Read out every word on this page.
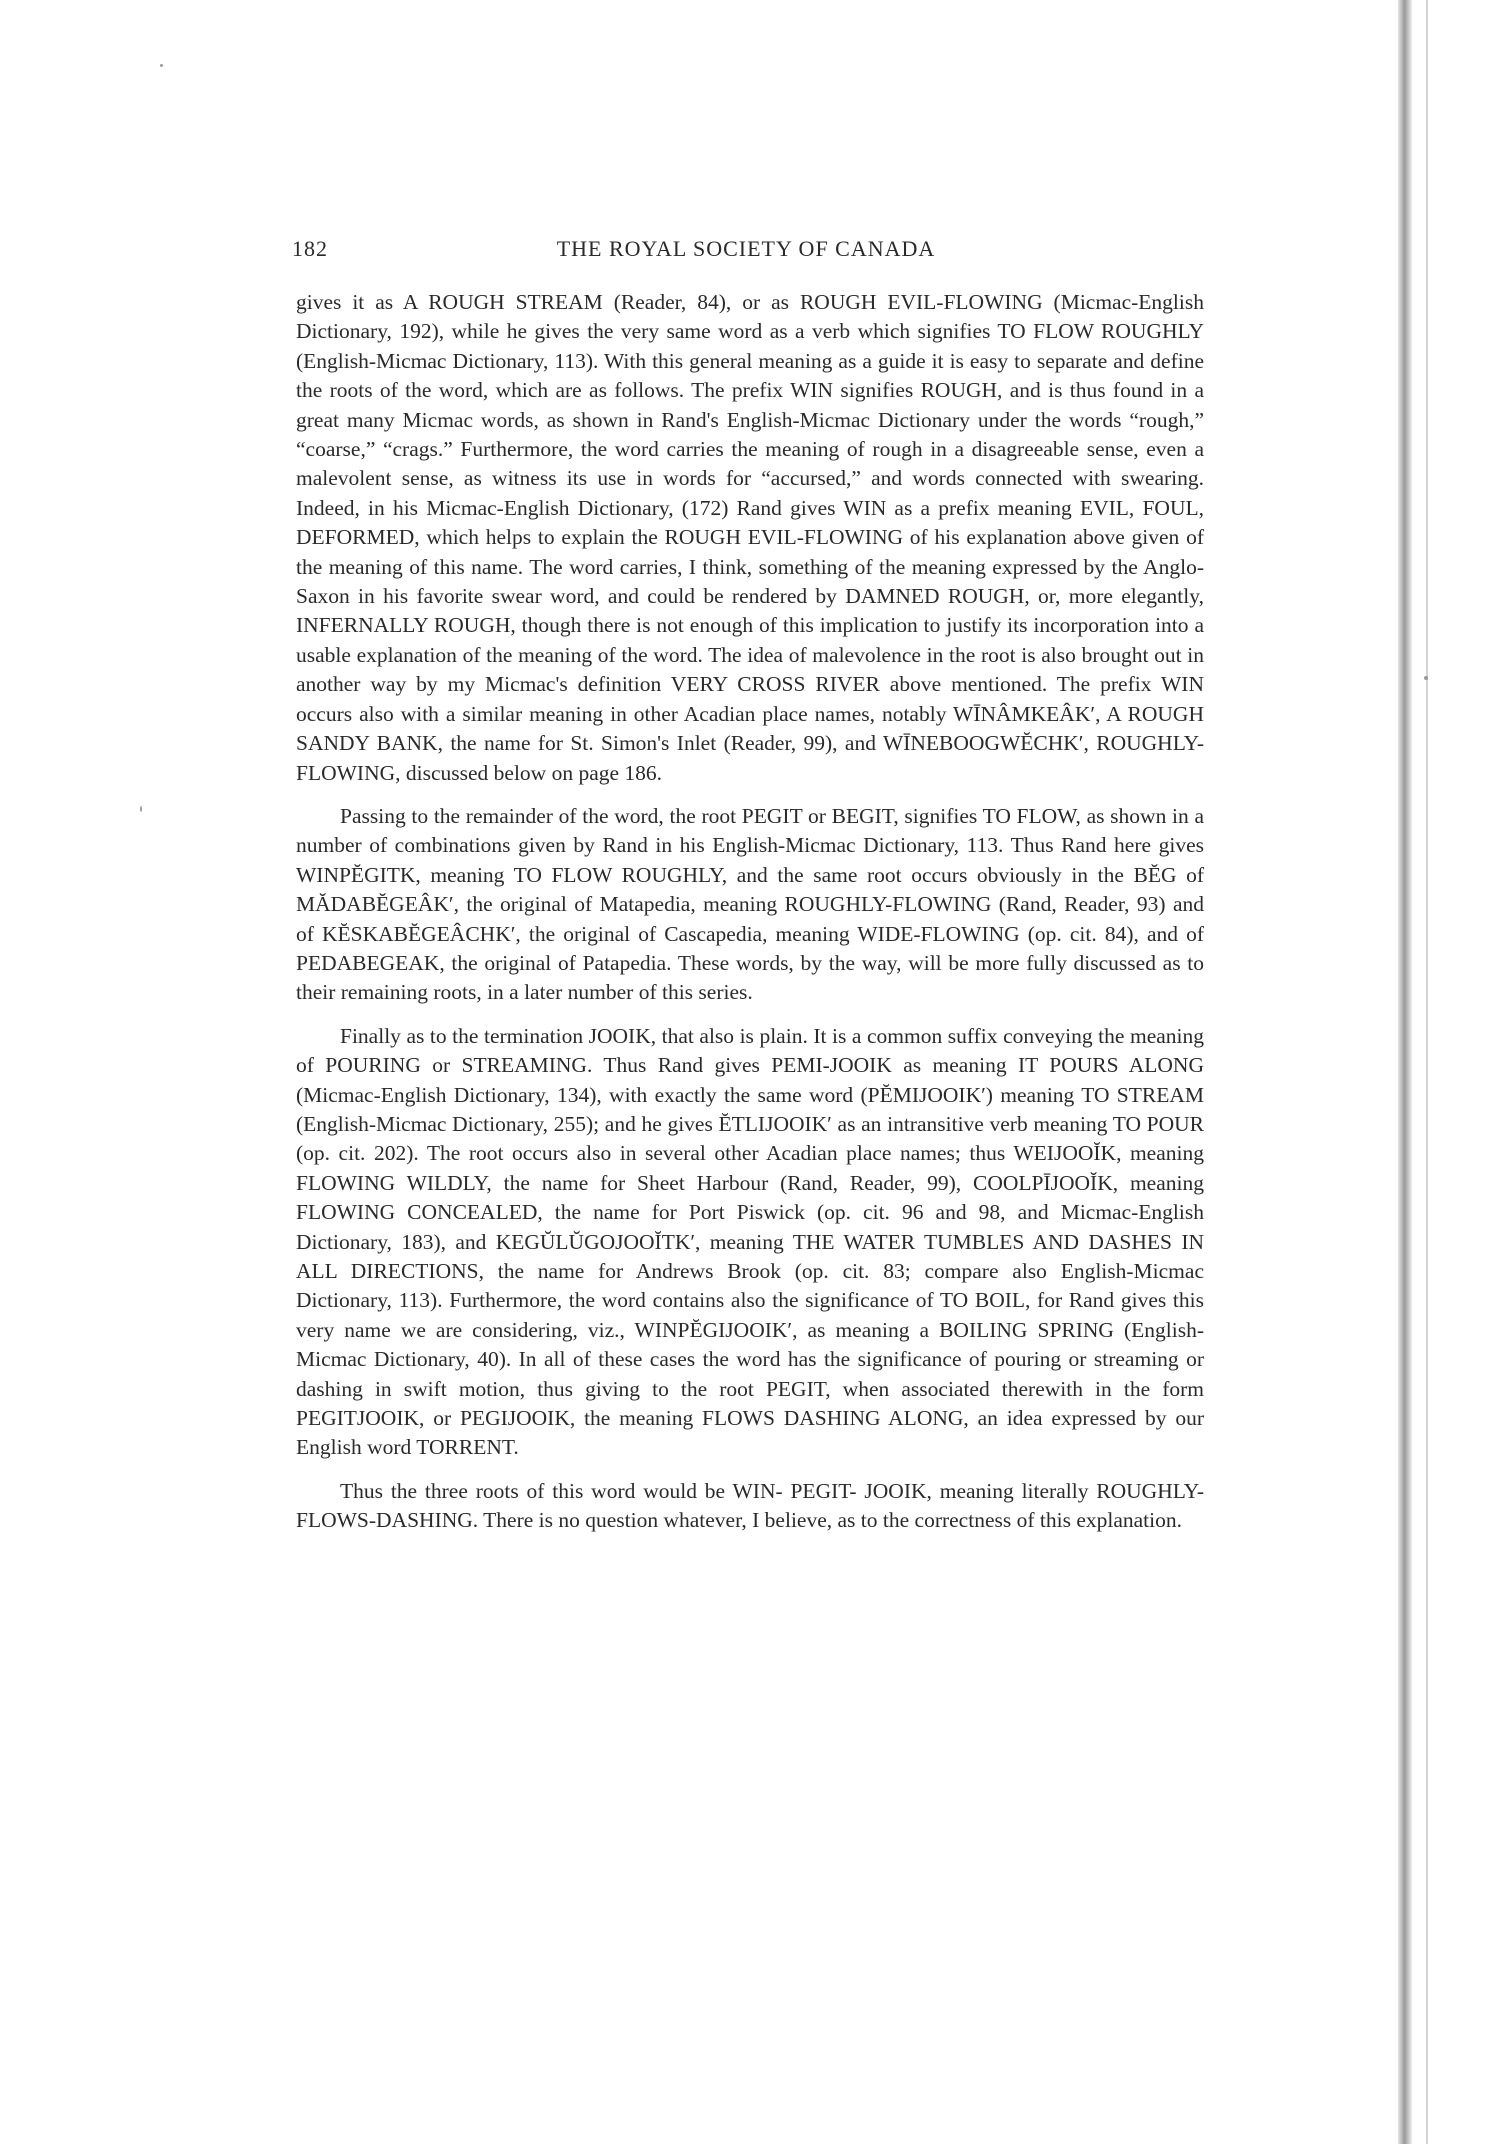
182	THE ROYAL SOCIETY OF CANADA

gives it as A ROUGH STREAM (Reader, 84), or as ROUGH EVIL-FLOWING (Micmac-English Dictionary, 192), while he gives the very same word as a verb which signifies TO FLOW ROUGHLY (English-Micmac Dictionary, 113). With this general meaning as a guide it is easy to separate and define the roots of the word, which are as follows. The prefix WIN signifies ROUGH, and is thus found in a great many Micmac words, as shown in Rand's English-Micmac Dictionary under the words “rough,” “coarse,” “crags.” Furthermore, the word carries the meaning of rough in a disagreeable sense, even a malevolent sense, as witness its use in words for “accursed,” and words connected with swearing. Indeed, in his Micmac-English Dictionary, (172) Rand gives WIN as a prefix meaning EVIL, FOUL, DEFORMED, which helps to explain the ROUGH EVIL-FLOWING of his explanation above given of the meaning of this name. The word carries, I think, something of the meaning expressed by the Anglo-Saxon in his favorite swear word, and could be rendered by DAMNED ROUGH, or, more elegantly, INFERNALLY ROUGH, though there is not enough of this implication to justify its incorporation into a usable explanation of the meaning of the word. The idea of malevolence in the root is also brought out in another way by my Micmac's definition VERY CROSS RIVER above mentioned. The prefix WIN occurs also with a similar meaning in other Acadian place names, notably WĪNÂMKEÂK′, A ROUGH SANDY BANK, the name for St. Simon's Inlet (Reader, 99), and WĪNEBOOGWĔCHK′, ROUGHLY-FLOWING, discussed below on page 186.

Passing to the remainder of the word, the root PEGIT or BEGIT, signifies TO FLOW, as shown in a number of combinations given by Rand in his English-Micmac Dictionary, 113. Thus Rand here gives WINPĔGITK, meaning TO FLOW ROUGHLY, and the same root occurs obviously in the BĔG of MĂDABĔGEÂK′, the original of Matapedia, meaning ROUGHLY-FLOWING (Rand, Reader, 93) and of KĔSKABĔGEÂCHK′, the original of Cascapedia, meaning WIDE-FLOWING (op. cit. 84), and of PEDABEGEAK, the original of Patapedia. These words, by the way, will be more fully discussed as to their remaining roots, in a later number of this series.

Finally as to the termination JOOIK, that also is plain. It is a common suffix conveying the meaning of POURING or STREAMING. Thus Rand gives PEMI-JOOIK as meaning IT POURS ALONG (Micmac-English Dictionary, 134), with exactly the same word (PĔMIJOOIK′) meaning TO STREAM (English-Micmac Dictionary, 255); and he gives ĔTLIJOOIK′ as an intransitive verb meaning TO POUR (op. cit. 202). The root occurs also in several other Acadian place names; thus WEIJOOĬK, meaning FLOWING WILDLY, the name for Sheet Harbour (Rand, Reader, 99), COOLPĪJOOĬK, meaning FLOWING CONCEALED, the name for Port Piswick (op. cit. 96 and 98, and Micmac-English Dictionary, 183), and KEGŬLŬGOJOOĬTK′, meaning THE WATER TUMBLES AND DASHES IN ALL DIRECTIONS, the name for Andrews Brook (op. cit. 83; compare also English-Micmac Dictionary, 113). Furthermore, the word contains also the significance of TO BOIL, for Rand gives this very name we are considering, viz., WINPĔGIJOOIK′, as meaning a BOILING SPRING (English-Micmac Dictionary, 40). In all of these cases the word has the significance of pouring or streaming or dashing in swift motion, thus giving to the root PEGIT, when associated therewith in the form PEGITJOOIK, or PEGIJOOIK, the meaning FLOWS DASHING ALONG, an idea expressed by our English word TORRENT.

Thus the three roots of this word would be WIN- PEGIT- JOOIK, meaning literally ROUGHLY-FLOWS-DASHING. There is no question whatever, I believe, as to the correctness of this explanation.
